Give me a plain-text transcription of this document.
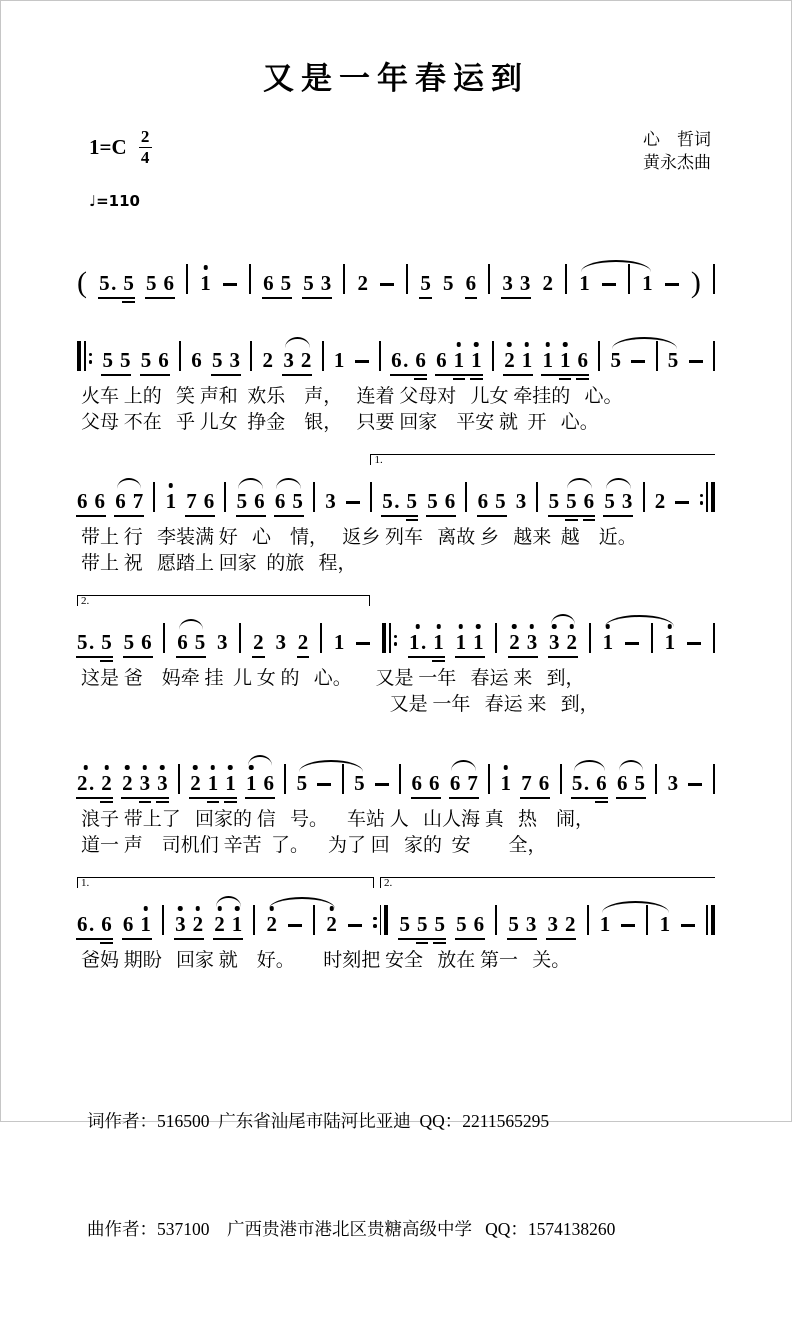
又是一年春运到
$1=C \frac{2}{4}$	心　哲词
黄永杰曲
♩=110
( 5 . 5 5 6 1 6 5 5 3 2 5 5 6 3 3 2 1 1 )
5 5 5 6 6 5 3 2 3 2 1 6 . 6 6 1 1 2 1 1 1 6 5 5
火车 上的   笑 声和  欢乐    声，   连着 父母对   儿女 牵挂的   心。
父母 不在   乎 儿女  挣金    银，   只要 回家    平安 就  开   心。
1.
6 6 6 7 1 7 6 5 6 6 5 3 5 . 5 5 6 6 5 3 5 5 6 5 3 2
带上 行   李装满 好   心    情，   返乡 列车   离故 乡   越来  越    近。
带上 祝   愿踏上 回家  的旅   程，
2.
5 . 5 5 6 6 5 3 2 3 2 1	1 . 1 1 1 2 3 3 2 1 1
这是 爸    妈牵 挂  儿 女 的   心。     又是 一年   春运 来   到，
又是 一年   春运 来   到，
2 . 2 2 3 3 2 1 1 1 6 5 5 6 6 6 7 1 7 6 5 . 6 6 5 3
浪子 带上了   回家的 信   号。    车站 人   山人海 真   热    闹，
道一 声    司机们 辛苦  了。    为了 回   家的  安        全，
1.	2.
6 . 6 6 1 3 2 2 1 2 2	5 5 5 5 6 5 3 3 2 1 1
爸妈 期盼   回家 就    好。      时刻把 安全   放在 第一   关。

词作者：516500  广东省汕尾市陆河比亚迪  QQ：2211565295

曲作者：537100    广西贵港市港北区贵糖高级中学   QQ：1574138260
